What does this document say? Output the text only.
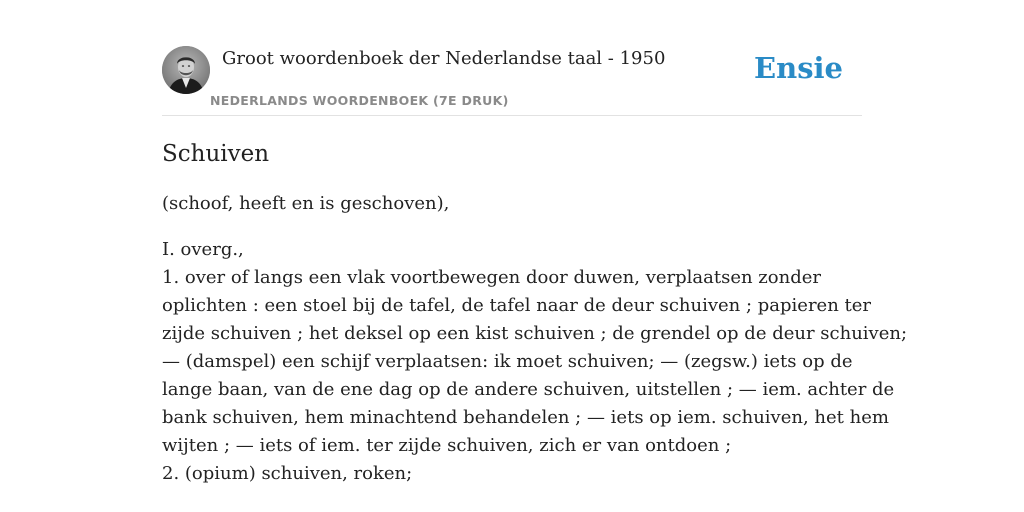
Groot woordenboek der Nederlandse taal - 1950
NEDERLANDS WOORDENBOEK (7E DRUK)
Ensie
Schuiven

(schoof, heeft en is geschoven),

I. overg.,
1. over of langs een vlak voortbewegen door duwen, verplaatsen zonder
oplichten : een stoel bij de tafel, de tafel naar de deur schuiven ; papieren ter
zijde schuiven ; het deksel op een kist schuiven ; de grendel op de deur schuiven;
— (damspel) een schijf verplaatsen: ik moet schuiven; — (zegsw.) iets op de
lange baan, van de ene dag op de andere schuiven, uitstellen ; — iem. achter de
bank schuiven, hem minachtend behandelen ; — iets op iem. schuiven, het hem
wijten ; — iets of iem. ter zijde schuiven, zich er van ontdoen ;
2. (opium) schuiven, roken;
